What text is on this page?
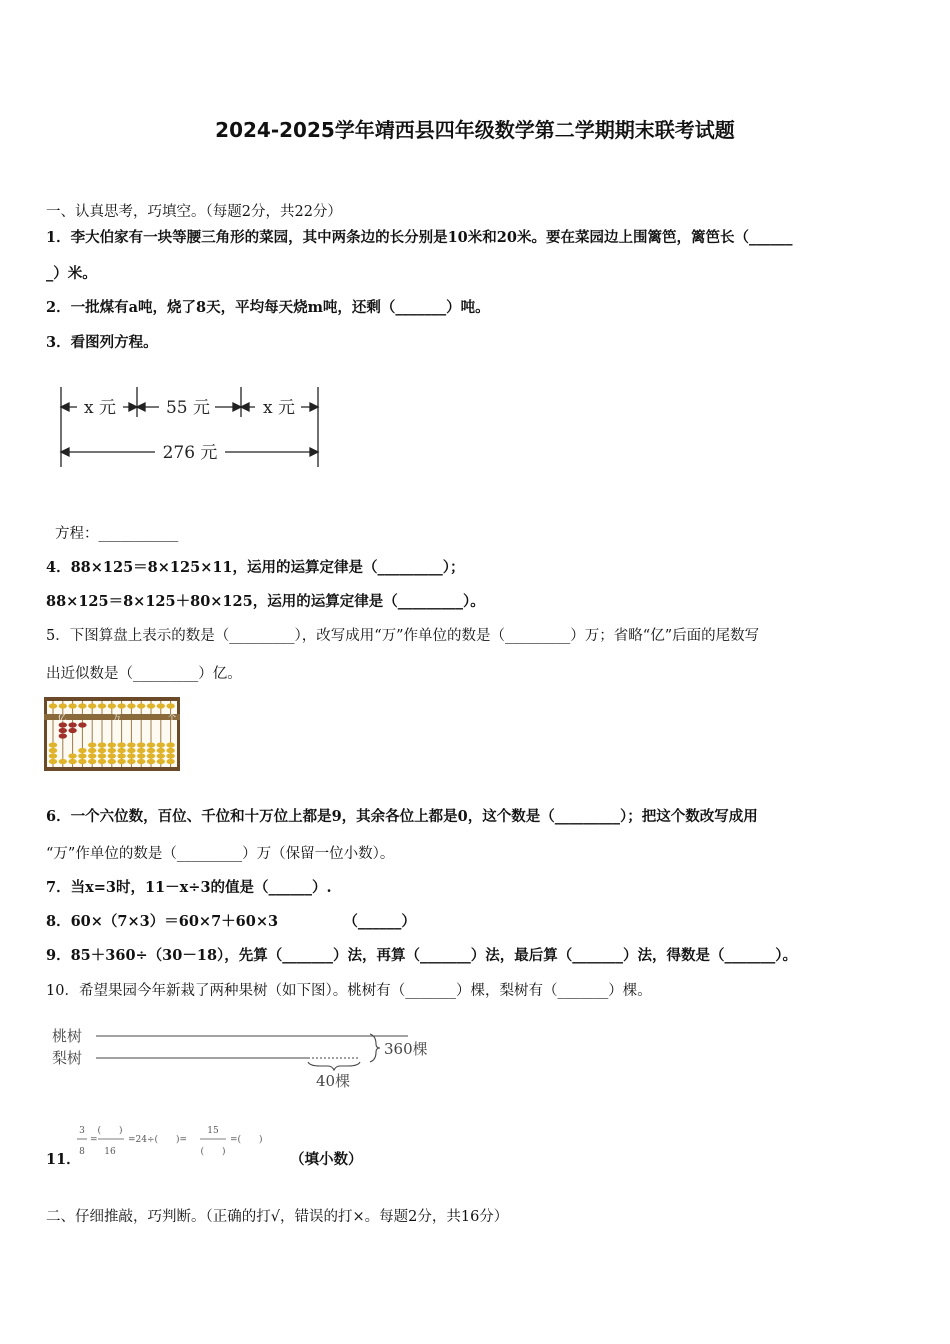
2024-2025学年靖西县四年级数学第二学期期末联考试题
一、认真思考，巧填空。（每题2分，共22分）
1．李大伯家有一块等腰三角形的菜园，其中两条边的长分别是10米和20米。要在菜园边上围篱笆，篱笆长（______
_）米。
2．一批煤有a吨，烧了8天，平均每天烧m吨，还剩（_______）吨。
3．看图列方程。
x 元	55 元	x 元
276 元
方程：___________
4．88×125＝8×125×11，运用的运算定律是（_________）；
88×125＝8×125＋80×125，运用的运算定律是（_________）。
5．下图算盘上表示的数是（_________），改写成用“万”作单位的数是（_________）万；省略“亿”后面的尾数写
出近似数是（_________）亿。
亿	万	个
6．一个六位数，百位、千位和十万位上都是9，其余各位上都是0，这个数是（_________）；把这个数改写成用
“万”作单位的数是（_________）万（保留一位小数）。
7．当x=3时，11－x÷3的值是（______）.
8．60×（7×3）＝60×7＋60×3　　　　　（______）
9．85＋360÷（30－18），先算（_______）法，再算（_______）法，最后算（_______）法，得数是（_______）。
10．希望果园今年新栽了两种果树（如下图）。桃树有（_______）棵，梨树有（_______）棵。
桃树
梨树	360棵
40棵
11．
3
8
=
(　　)
16
=24÷(　　)=
15
(　　)
=(　　)
（填小数）
二、仔细推敲，巧判断。（正确的打√，错误的打×。每题2分，共16分）
